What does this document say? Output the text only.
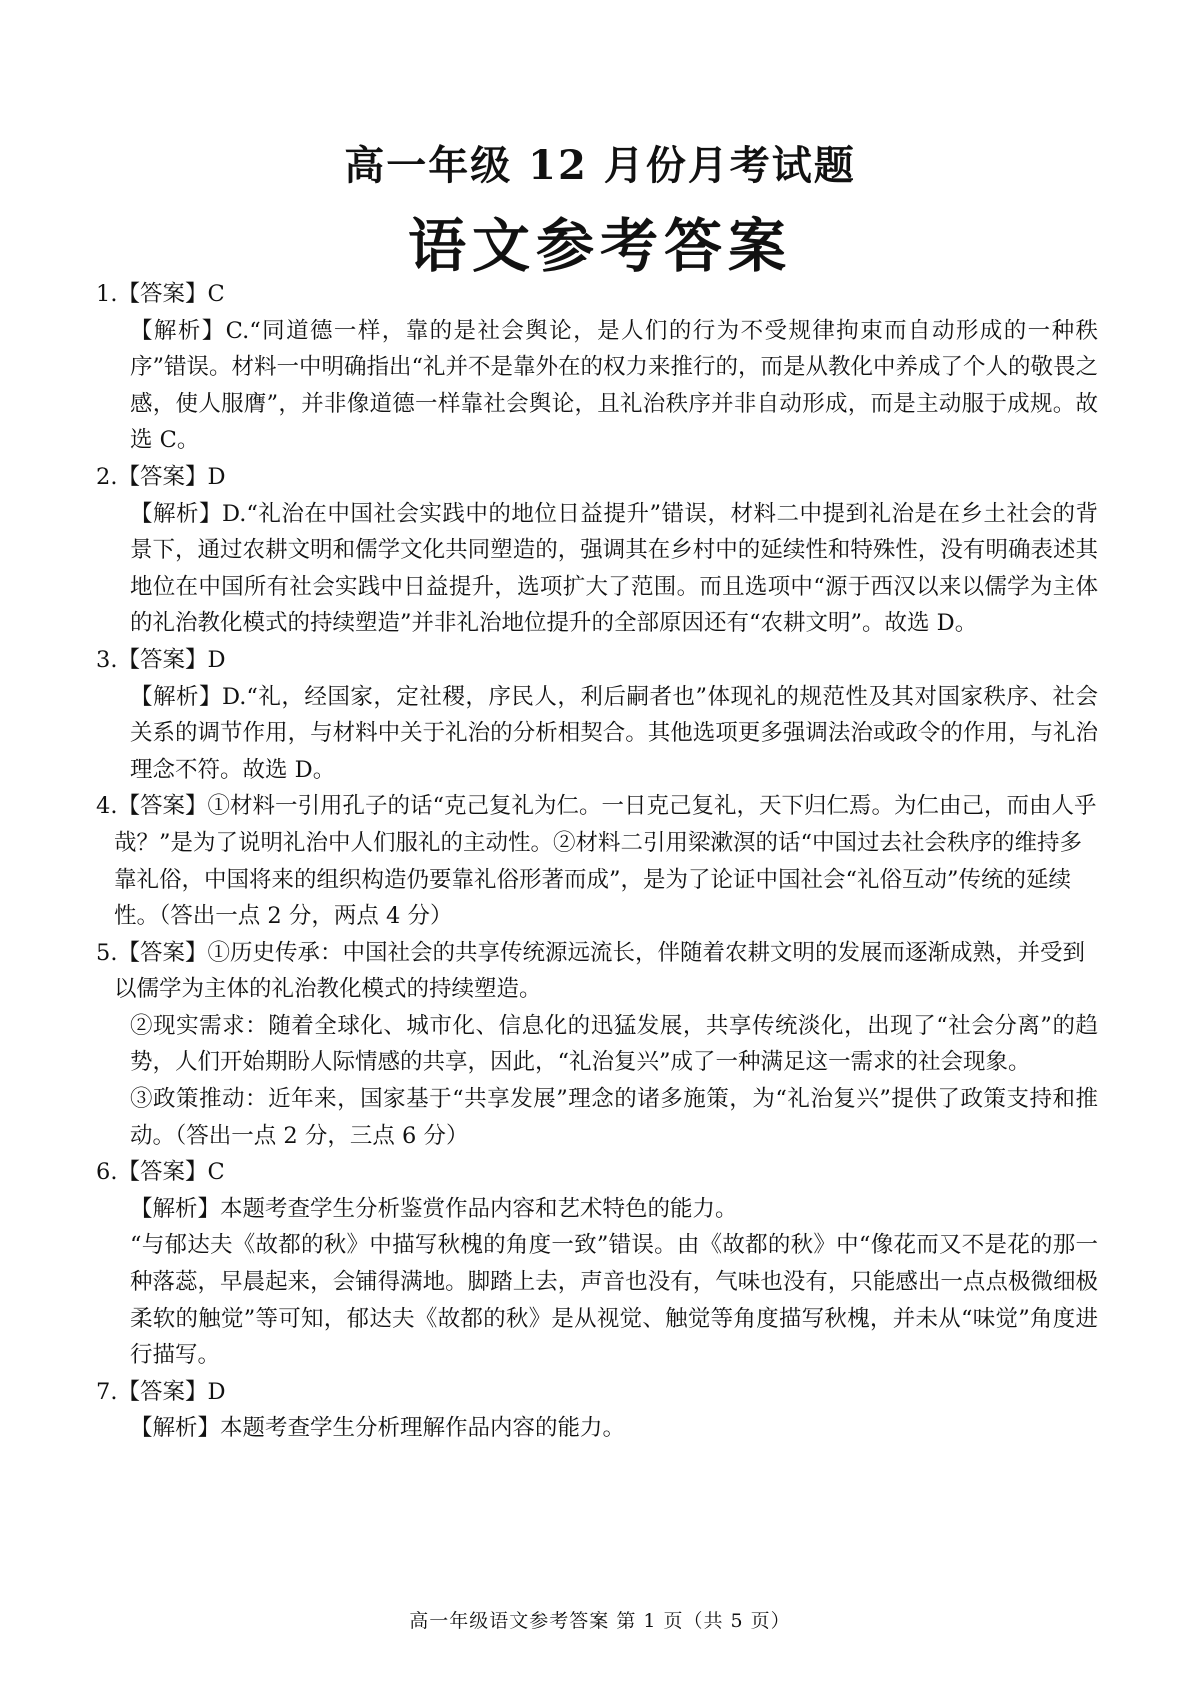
高一年级 12 月份月考试题
语文参考答案
1.【答案】C
【解析】C.“同道德一样，靠的是社会舆论，是人们的行为不受规律拘束而自动形成的一种秩序”错误。材料一中明确指出“礼并不是靠外在的权力来推行的，而是从教化中养成了个人的敬畏之感，使人服膺”，并非像道德一样靠社会舆论，且礼治秩序并非自动形成，而是主动服于成规。故选 C。
2.【答案】D
【解析】D.“礼治在中国社会实践中的地位日益提升”错误，材料二中提到礼治是在乡土社会的背景下，通过农耕文明和儒学文化共同塑造的，强调其在乡村中的延续性和特殊性，没有明确表述其地位在中国所有社会实践中日益提升，选项扩大了范围。而且选项中“源于西汉以来以儒学为主体的礼治教化模式的持续塑造”并非礼治地位提升的全部原因还有“农耕文明”。故选 D。
3.【答案】D
【解析】D.“礼，经国家，定社稷，序民人，利后嗣者也”体现礼的规范性及其对国家秩序、社会关系的调节作用，与材料中关于礼治的分析相契合。其他选项更多强调法治或政令的作用，与礼治理念不符。故选 D。
4.【答案】①材料一引用孔子的话“克己复礼为仁。一日克己复礼，天下归仁焉。为仁由己，而由人乎哉？”是为了说明礼治中人们服礼的主动性。②材料二引用梁漱溟的话“中国过去社会秩序的维持多靠礼俗，中国将来的组织构造仍要靠礼俗形著而成”，是为了论证中国社会“礼俗互动”传统的延续性。（答出一点 2 分，两点 4 分）
5.【答案】①历史传承：中国社会的共享传统源远流长，伴随着农耕文明的发展而逐渐成熟，并受到以儒学为主体的礼治教化模式的持续塑造。
②现实需求：随着全球化、城市化、信息化的迅猛发展，共享传统淡化，出现了“社会分离”的趋势，人们开始期盼人际情感的共享，因此，“礼治复兴”成了一种满足这一需求的社会现象。
③政策推动：近年来，国家基于“共享发展”理念的诸多施策，为“礼治复兴”提供了政策支持和推动。（答出一点 2 分，三点 6 分）
6.【答案】C
【解析】本题考查学生分析鉴赏作品内容和艺术特色的能力。
“与郁达夫《故都的秋》中描写秋槐的角度一致”错误。由《故都的秋》中“像花而又不是花的那一种落蕊，早晨起来，会铺得满地。脚踏上去，声音也没有，气味也没有，只能感出一点点极微细极柔软的触觉”等可知，郁达夫《故都的秋》是从视觉、触觉等角度描写秋槐，并未从“味觉”角度进行描写。
7.【答案】D
【解析】本题考查学生分析理解作品内容的能力。
高一年级语文参考答案 第 1 页（共 5 页）
